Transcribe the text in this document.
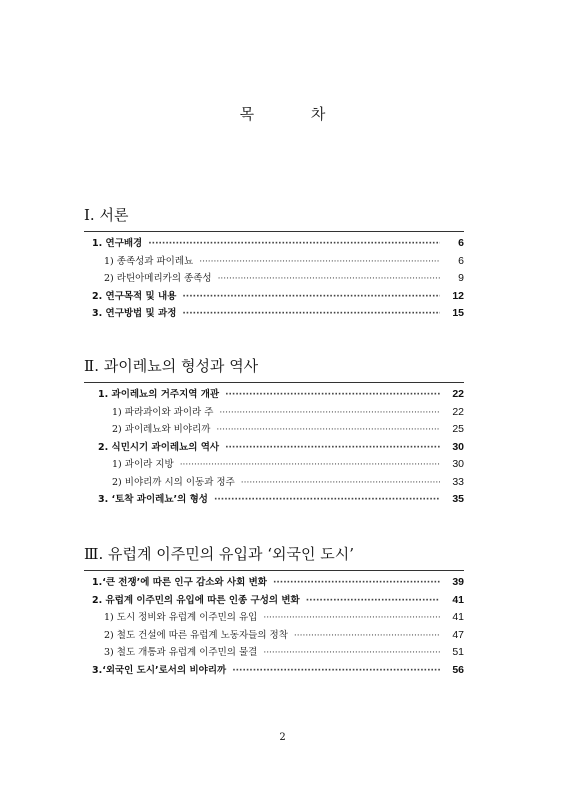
목 차
Ⅰ. 서론
1. 연구배경 ·····	6
1) 종족성과 파이레뇨 ·····	6
2) 라틴아메리카의 종족성 ·····	9
2. 연구목적 및 내용 ·····	12
3. 연구방법 및 과정 ·····	15
Ⅱ. 과이레뇨의 형성과 역사
1. 과이레뇨의 거주지역 개관 ·····	22
1) 파라과이와 과이라 주 ·····	22
2) 과이레뇨와 비야리까 ·····	25
2. 식민시기 과이레뇨의 역사 ·····	30
1) 과이라 지방 ·····	30
2) 비야리까 시의 이동과 정주 ·····	33
3. ‘토착 과이레뇨’의 형성 ·····	35
Ⅲ. 유럽계 이주민의 유입과 ‘외국인 도시’
1.‘큰 전쟁’에 따른 인구 감소와 사회 변화 ·····	39
2. 유럽계 이주민의 유입에 따른 인종 구성의 변화 ·····	41
1) 도시 정비와 유럽계 이주민의 유입 ·····	41
2) 철도 건설에 따른 유럽계 노동자들의 정착 ·····	47
3) 철도 개통과 유럽계 이주민의 물결 ·····	51
3.‘외국인 도시’로서의 비야리까 ·····	56
2
